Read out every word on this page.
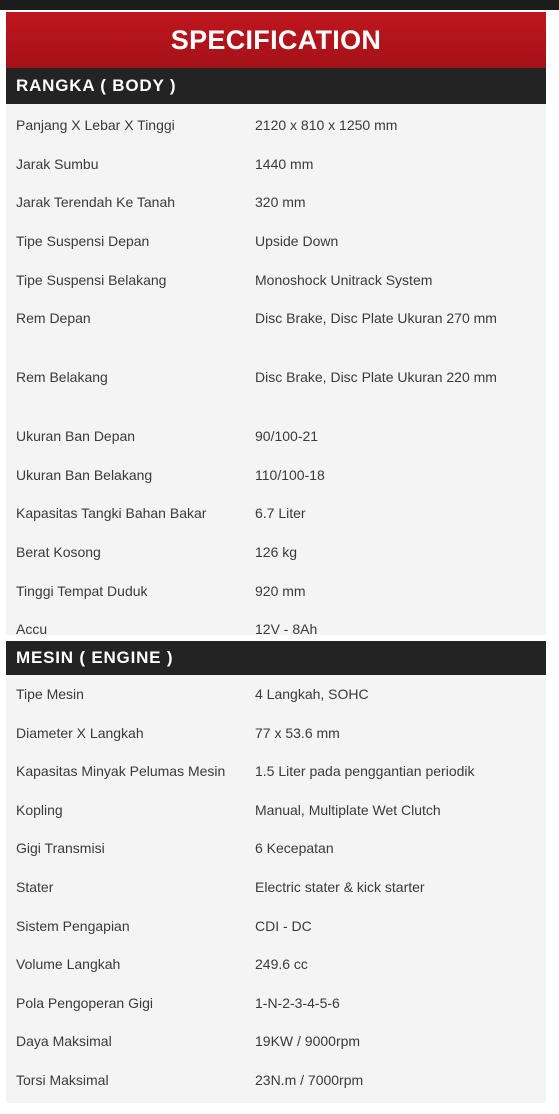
SPECIFICATION
RANGKA ( BODY )
Panjang X Lebar X Tinggi	2120 x 810 x 1250 mm
Jarak Sumbu	1440 mm
Jarak Terendah Ke Tanah	320 mm
Tipe Suspensi Depan	Upside Down
Tipe Suspensi Belakang	Monoshock Unitrack System
Rem Depan	Disc Brake, Disc Plate Ukuran 270 mm
Rem Belakang	Disc Brake, Disc Plate Ukuran 220 mm
Ukuran Ban Depan	90/100-21
Ukuran Ban Belakang	110/100-18
Kapasitas Tangki Bahan Bakar	6.7 Liter
Berat Kosong	126 kg
Tinggi Tempat Duduk	920 mm
Accu	12V - 8Ah
MESIN ( ENGINE )
Tipe Mesin	4 Langkah, SOHC
Diameter X Langkah	77 x 53.6 mm
Kapasitas Minyak Pelumas Mesin	1.5 Liter pada penggantian periodik
Kopling	Manual, Multiplate Wet Clutch
Gigi Transmisi	6 Kecepatan
Stater	Electric stater & kick starter
Sistem Pengapian	CDI - DC
Volume Langkah	249.6 cc
Pola Pengoperan Gigi	1-N-2-3-4-5-6
Daya Maksimal	19KW / 9000rpm
Torsi Maksimal	23N.m / 7000rpm
